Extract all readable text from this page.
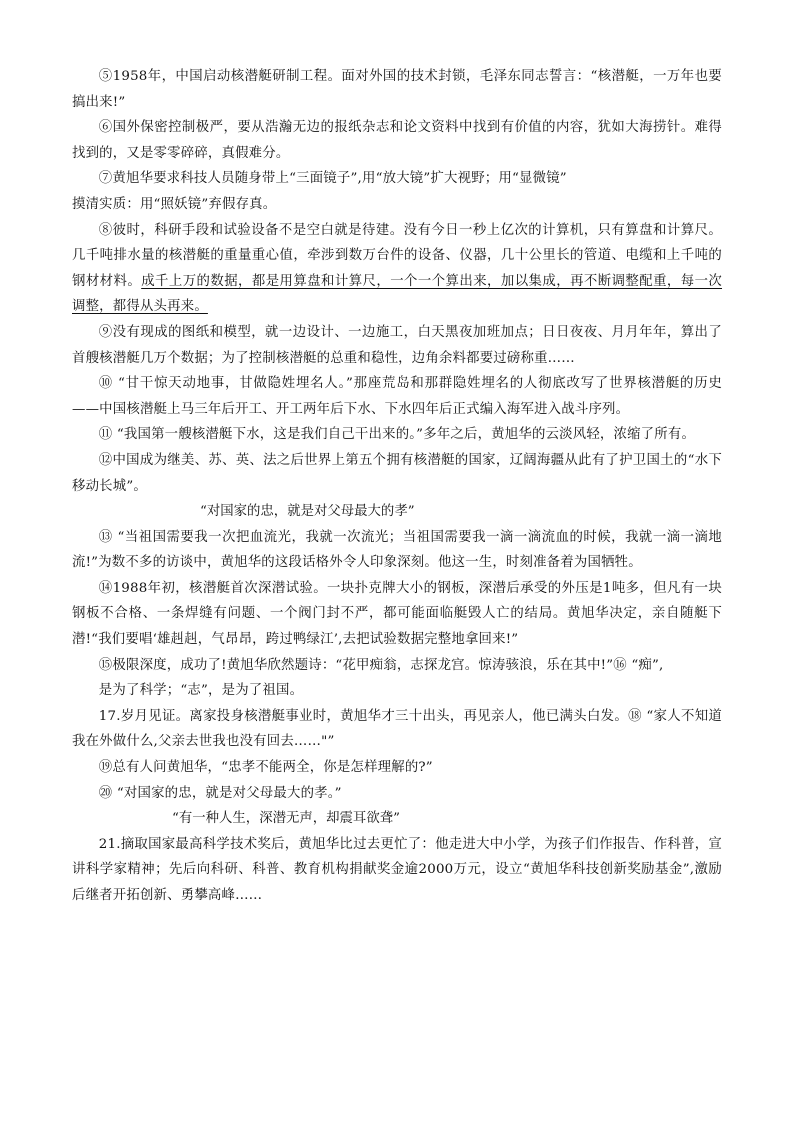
⑤1958年，中国启动核潜艇研制工程。面对外国的技术封锁，毛泽东同志誓言：“核潜艇，一万年也要搞出来!”

⑥国外保密控制极严，要从浩瀚无边的报纸杂志和论文资料中找到有价值的内容，犹如大海捞针。难得找到的，又是零零碎碎，真假难分。

⑦黄旭华要求科技人员随身带上“三面镜子”,用“放大镜”扩大视野；用“显微镜”

摸清实质：用“照妖镜”弃假存真。

⑧彼时，科研手段和试验设备不是空白就是待建。没有今日一秒上亿次的计算机，只有算盘和计算尺。几千吨排水量的核潜艇的重量重心值，牵涉到数万台件的设备、仪器，几十公里长的管道、电缆和上千吨的钢材材料。成千上万的数据，都是用算盘和计算尺，一个一个算出来，加以集成，再不断调整配重，每一次调整，都得从头再来。

⑨没有现成的图纸和模型，就一边设计、一边施工，白天黑夜加班加点；日日夜夜、月月年年，算出了首艘核潜艇几万个数据；为了控制核潜艇的总重和稳性，边角余料都要过磅称重……

⑩ “甘干惊天动地事，甘做隐姓埋名人。”那座荒岛和那群隐姓埋名的人彻底改写了世界核潜艇的历史——中国核潜艇上马三年后开工、开工两年后下水、下水四年后正式编入海军进入战斗序列。

⑪ “我国第一艘核潜艇下水，这是我们自己干出来的。”多年之后，黄旭华的云淡风轻，浓缩了所有。

⑫中国成为继美、苏、英、法之后世界上第五个拥有核潜艇的国家，辽阔海疆从此有了护卫国土的“水下移动长城”。

“对国家的忠，就是对父母最大的孝”

⑬ “当祖国需要我一次把血流光，我就一次流光；当祖国需要我一滴一滴流血的时候，我就一滴一滴地流!”为数不多的访谈中，黄旭华的这段话格外令人印象深刻。他这一生，时刻准备着为国牺牲。

⑭1988年初，核潜艇首次深潜试验。一块扑克牌大小的钢板，深潜后承受的外压是1吨多，但凡有一块钢板不合格、一条焊缝有问题、一个阀门封不严，都可能面临艇毁人亡的结局。黄旭华决定，亲自随艇下潜!“我们要唱‘雄赳赳，气昂昂，跨过鸭绿江’,去把试验数据完整地拿回来!”

⑮极限深度，成功了!黄旭华欣然题诗：“花甲痴翁，志探龙宫。惊涛骇浪，乐在其中!”⑯ “痴”,

是为了科学；“志”，是为了祖国。

17.岁月见证。离家投身核潜艇事业时，黄旭华才三十出头，再见亲人，他已满头白发。⑱ “家人不知道我在外做什么,父亲去世我也没有回去……"”

⑲总有人问黄旭华，“忠孝不能两全，你是怎样理解的?”

⑳ “对国家的忠，就是对父母最大的孝。”

“有一种人生，深潜无声，却震耳欲聋”

21.摘取国家最高科学技术奖后，黄旭华比过去更忙了：他走进大中小学，为孩子们作报告、作科普，宣讲科学家精神；先后向科研、科普、教育机构捐献奖金逾2000万元，设立“黄旭华科技创新奖励基金”,激励后继者开拓创新、勇攀高峰……
